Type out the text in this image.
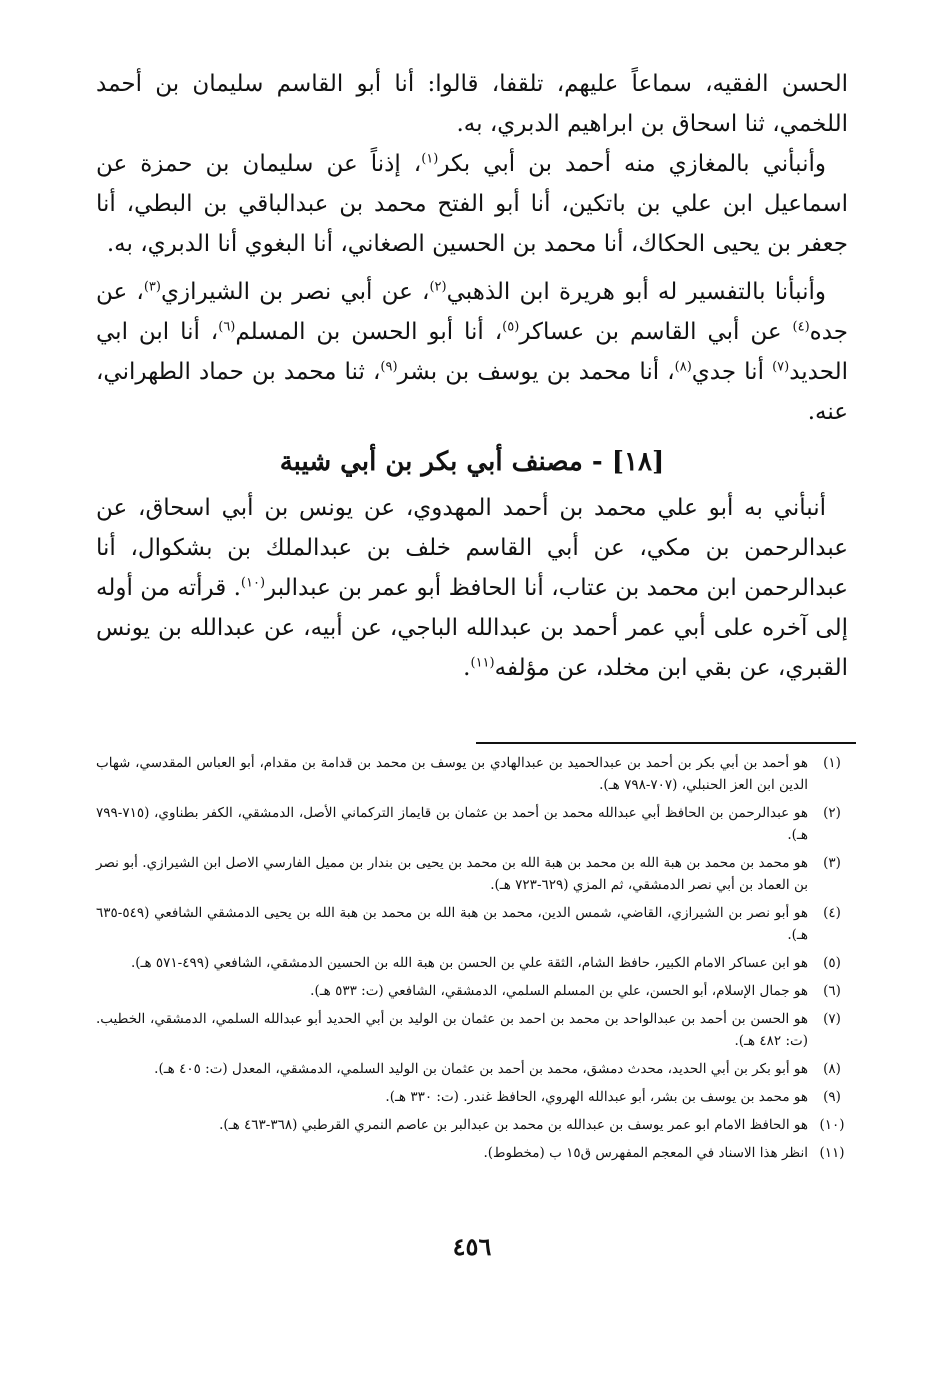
الحسن الفقيه، سماعاً عليهم، تلقفا، قالوا: أنا أبو القاسم سليمان بن أحمد اللخمي، ثنا اسحاق بن ابراهيم الدبري، به.

وأنبأني بالمغازي منه أحمد بن أبي بكر$^{(١)}$، إذناً عن سليمان بن حمزة عن اسماعيل ابن علي بن باتكين، أنا أبو الفتح محمد بن عبدالباقي بن البطي، أنا جعفر بن يحيى الحكاك، أنا محمد بن الحسين الصغاني، أنا البغوي أنا الدبري، به.

وأنبأنا بالتفسير له أبو هريرة ابن الذهبي$^{(٢)}$، عن أبي نصر بن الشيرازي$^{(٣)}$، عن جده$^{(٤)}$ عن أبي القاسم بن عساكر$^{(٥)}$، أنا أبو الحسن بن المسلم$^{(٦)}$، أنا ابن ابي الحديد$^{(٧)}$ أنا جدي$^{(٨)}$، أنا محمد بن يوسف بن بشر$^{(٩)}$، ثنا محمد بن حماد الطهراني، عنه.

[١٨] - مصنف أبي بكر بن أبي شيبة

أنبأني به أبو علي محمد بن أحمد المهدوي، عن يونس بن أبي اسحاق، عن عبدالرحمن بن مكي، عن أبي القاسم خلف بن عبدالملك بن بشكوال، أنا عبدالرحمن ابن محمد بن عتاب، أنا الحافظ أبو عمر بن عبدالبر$^{(١٠)}$. قرأته من أوله إلى آخره على أبي عمر أحمد بن عبدالله الباجي، عن أبيه، عن عبدالله بن يونس القبري، عن بقي ابن مخلد، عن مؤلفه$^{(١١)}$.

(١)
هو أحمد بن أبي بكر بن أحمد بن عبدالحميد بن عبدالهادي بن يوسف بن محمد بن قدامة بن مقدام، أبو العباس المقدسي، شهاب الدين ابن العز الحنبلي، (٧٠٧-٧٩٨ هـ).
(٢)
هو عبدالرحمن بن الحافظ أبي عبدالله محمد بن أحمد بن عثمان بن قايماز التركماني الأصل، الدمشقي، الكفر بطناوي، (٧١٥-٧٩٩ هـ).
(٣)
هو محمد بن محمد بن هبة الله بن محمد بن هبة الله بن محمد بن يحيى بن بندار بن مميل الفارسي الاصل ابن الشيرازي. أبو نصر بن العماد بن أبي نصر الدمشقي، ثم المزي (٦٢٩-٧٢٣ هـ).
(٤)
هو أبو نصر بن الشيرازي، القاضي، شمس الدين، محمد بن هبة الله بن محمد بن هبة الله بن يحيى الدمشقي الشافعي (٥٤٩-٦٣٥ هـ).
(٥)
هو ابن عساكر الامام الكبير، حافظ الشام، الثقة علي بن الحسن بن هبة الله بن الحسين الدمشقي، الشافعي (٤٩٩-٥٧١ هـ).
(٦)
هو جمال الإسلام، أبو الحسن، علي بن المسلم السلمي، الدمشقي، الشافعي (ت: ٥٣٣ هـ).
(٧)
هو الحسن بن أحمد بن عبدالواحد بن محمد بن احمد بن عثمان بن الوليد بن أبي الحديد أبو عبدالله السلمي، الدمشقي، الخطيب. (ت: ٤٨٢ هـ).
(٨)
هو أبو بكر بن أبي الحديد، محدث دمشق، محمد بن أحمد بن عثمان بن الوليد السلمي، الدمشقي، المعدل (ت: ٤٠٥ هـ).
(٩)
هو محمد بن يوسف بن بشر، أبو عبدالله الهروي، الحافظ غندر. (ت: ٣٣٠ هـ).
(١٠)
هو الحافظ الامام ابو عمر يوسف بن عبدالله بن محمد بن عبدالبر بن عاصم النمري القرطبي (٣٦٨-٤٦٣ هـ).
(١١)
انظر هذا الاسناد في المعجم المفهرس ق١٥ ب (مخطوط).
٤٥٦
